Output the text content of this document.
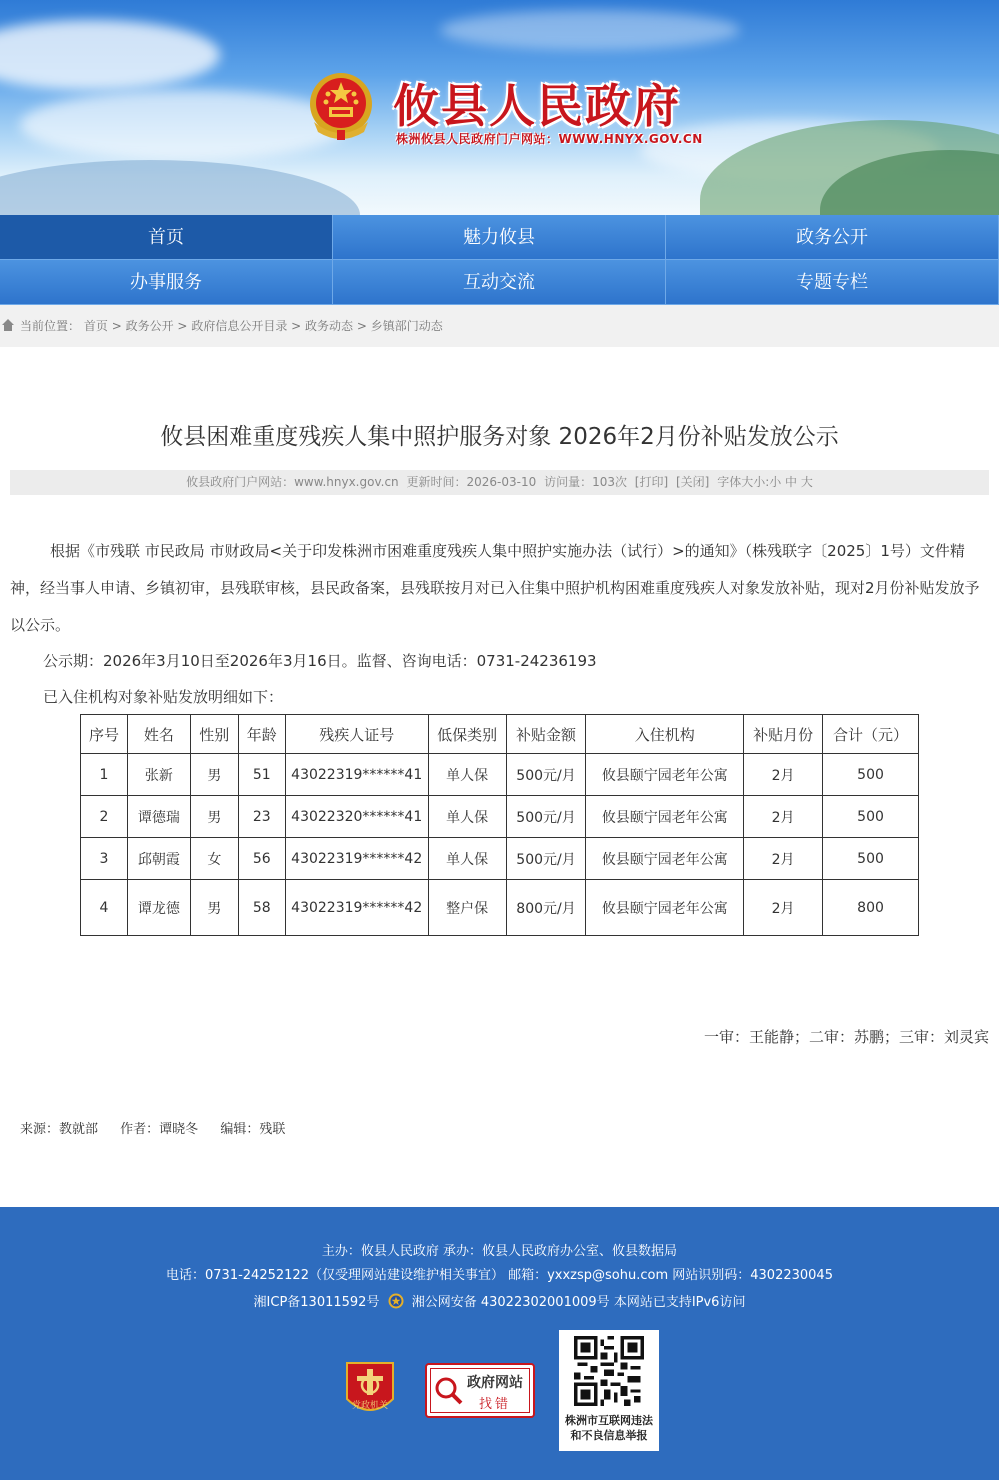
攸县人民政府
株洲攸县人民政府门户网站：WWW.HNYX.GOV.CN
首页	魅力攸县	政务公开
办事服务	互动交流	专题专栏
当前位置： 首页 > 政务公开 > 政府信息公开目录 > 政务动态 > 乡镇部门动态
攸县困难重度残疾人集中照护服务对象 2026年2月份补贴发放公示
攸县政府门户网站：www.hnyx.gov.cn 更新时间：2026-03-10 访问量：103次 [打印] [关闭] 字体大小:小 中 大
根据《市残联 市民政局 市财政局<关于印发株洲市困难重度残疾人集中照护实施办法（试行）>的通知》（株残联字〔2025〕1号）文件精神，经当事人申请、乡镇初审，县残联审核，县民政备案，县残联按月对已入住集中照护机构困难重度残疾人对象发放补贴，现对2月份补贴发放予以公示。
公示期：2026年3月10日至2026年3月16日。监督、咨询电话：0731-24236193
已入住机构对象补贴发放明细如下：
序号	姓名	性别	年龄	残疾人证号	低保类别	补贴金额	入住机构	补贴月份	合计（元）
1	张新	男	51	43022319******41	单人保	500元/月	攸县颐宁园老年公寓	2月	500
2	谭德瑞	男	23	43022320******41	单人保	500元/月	攸县颐宁园老年公寓	2月	500
3	邱朝霞	女	56	43022319******42	单人保	500元/月	攸县颐宁园老年公寓	2月	500
4	谭龙德	男	58	43022319******42	整户保	800元/月	攸县颐宁园老年公寓	2月	800
一审：王能静；二审：苏鹏；三审：刘灵宾
来源：教就部 作者：谭晓冬 编辑：残联
主办：攸县人民政府 承办：攸县人民政府办公室、攸县数据局
电话：0731-24252122（仅受理网站建设维护相关事宜） 邮箱：yxxzsp@sohu.com 网站识别码：4302230045
湘ICP备13011592号 湘公网安备 43022302001009号 本网站已支持IPv6访问
党政机关
政府网站
找错
株洲市互联网违法
和不良信息举报
